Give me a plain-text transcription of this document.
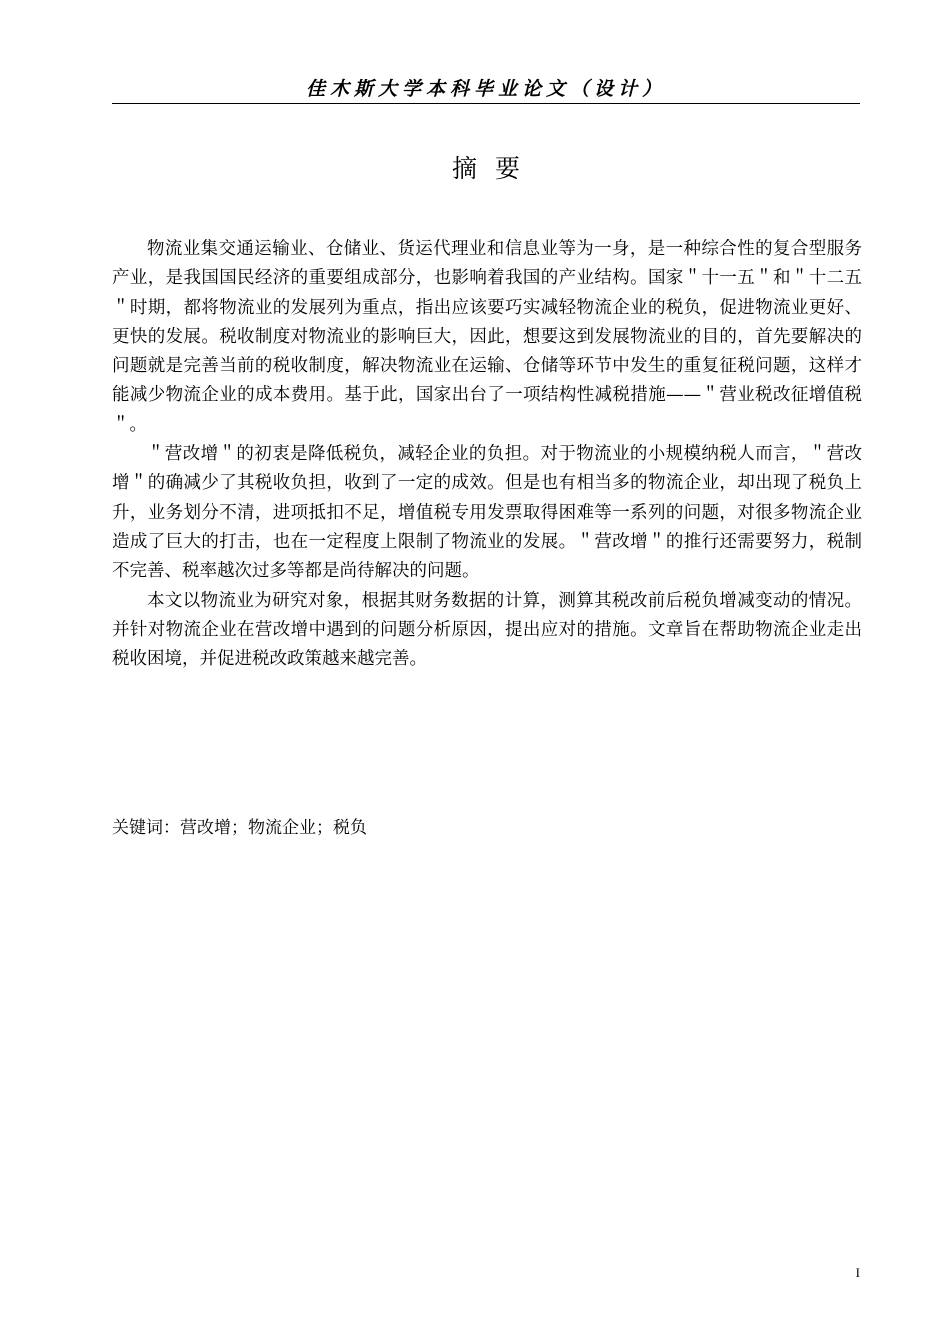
佳木斯大学本科毕业论文（设计）
摘要

物流业集交通运输业、仓储业、货运代理业和信息业等为一身，是一种综合性的复合型服务产业，是我国国民经济的重要组成部分，也影响着我国的产业结构。国家＂十一五＂和＂十二五＂时期，都将物流业的发展列为重点，指出应该要巧实减轻物流企业的税负，促进物流业更好、更快的发展。税收制度对物流业的影响巨大，因此，想要这到发展物流业的目的，首先要解决的问题就是完善当前的税收制度，解决物流业在运输、仓储等环节中发生的重复征税问题，这样才能减少物流企业的成本费用。基于此，国家出台了一项结构性减税措施——＂营业税改征增值税＂。

＂营改增＂的初衷是降低税负，减轻企业的负担。对于物流业的小规模纳税人而言，＂营改增＂的确减少了其税收负担，收到了一定的成效。但是也有相当多的物流企业，却出现了税负上升，业务划分不清，进项抵扣不足，增值税专用发票取得困难等一系列的问题，对很多物流企业造成了巨大的打击，也在一定程度上限制了物流业的发展。＂营改增＂的推行还需要努力，税制不完善、税率越次过多等都是尚待解决的问题。

本文以物流业为研究对象，根据其财务数据的计算，测算其税改前后税负增减变动的情况。并针对物流企业在营改增中遇到的问题分析原因，提出应对的措施。文章旨在帮助物流企业走出税收困境，并促进税改政策越来越完善。

关键词：营改增；物流企业；税负
I
